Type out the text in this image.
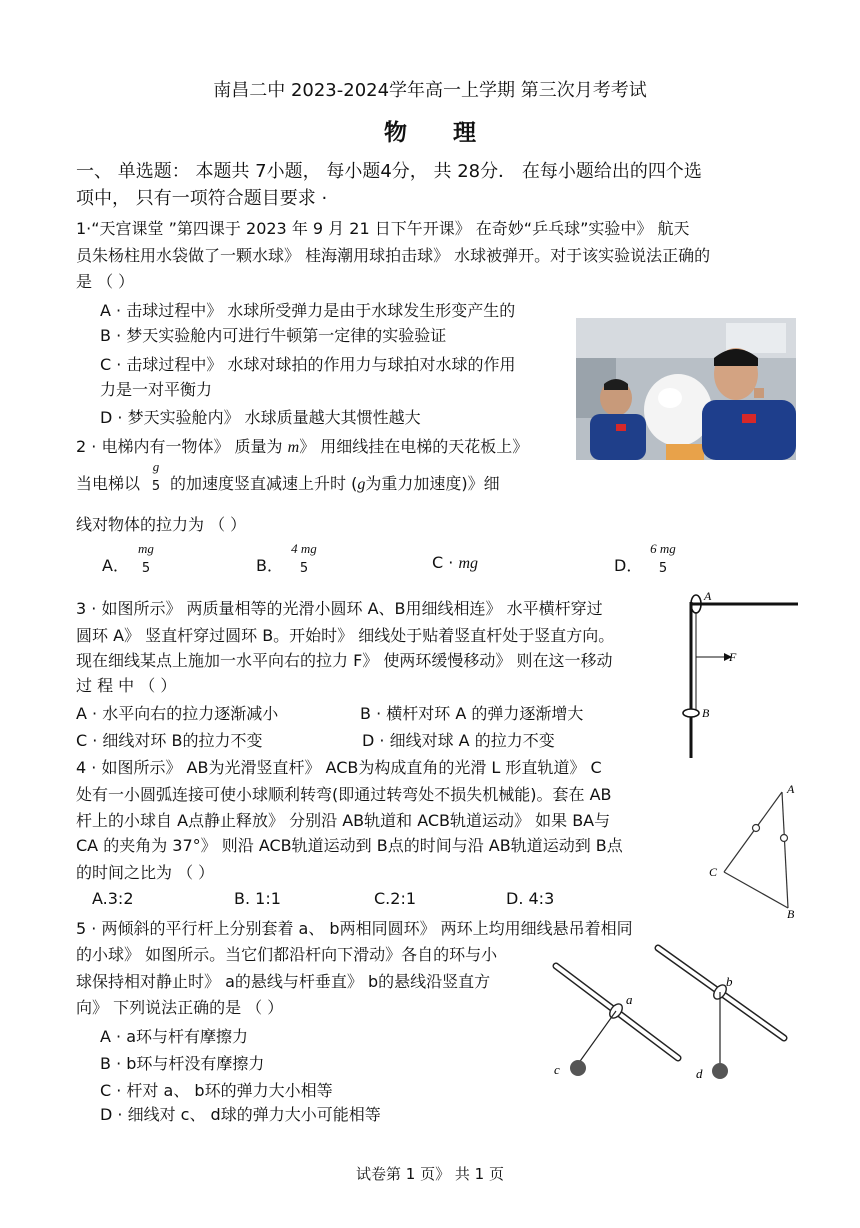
南昌二中 2023-2024学年高一上学期 第三次月考考试
物　　理
一、 单选题： 本题共 7小题， 每小题4分， 共 28分． 在每小题给出的四个选
项中， 只有一项符合题目要求 ·
1·“天宫课堂 ”第四课于 2023 年 9 月 21 日下午开课》 在奇妙“乒乓球”实验中》 航天
员朱杨柱用水袋做了一颗水球》 桂海潮用球拍击球》 水球被弹开。对于该实验说法正确的
是 （ ）
A · 击球过程中》 水球所受弹力是由于水球发生形变产生的
B · 梦天实验舱内可进行牛顿第一定律的实验验证
C · 击球过程中》 水球对球拍的作用力与球拍对水球的作用
力是一对平衡力
D · 梦天实验舱内》 水球质量越大其惯性越大
2 · 电梯内有一物体》 质量为 m》 用细线挂在电梯的天花板上》
当电梯以
g
5 的加速度竖直减速上升时 (g为重力加速度)》细
线对物体的拉力为 （ ）
A．
mg
5	B．
4 mg
5	C · mg	D．
6 mg
5
3 · 如图所示》 两质量相等的光滑小圆环 A、B用细线相连》 水平横杆穿过
圆环 A》 竖直杆穿过圆环 B。开始时》 细线处于贴着竖直杆处于竖直方向。
现在细线某点上施加一水平向右的拉力 F》 使两环缓慢移动》 则在这一移动
过 程 中 （ ）
A · 水平向右的拉力逐渐减小	B · 横杆对环 A 的弹力逐渐增大
C · 细线对环 B的拉力不变	D · 细线对球 A 的拉力不变
A
F
B
4 · 如图所示》 AB为光滑竖直杆》 ACB为构成直角的光滑 L 形直轨道》 C
处有一小圆弧连接可使小球顺利转弯(即通过转弯处不损失机械能)。套在 AB
杆上的小球自 A点静止释放》 分别沿 AB轨道和 ACB轨道运动》 如果 BA与
CA 的夹角为 37°》 则沿 ACB轨道运动到 B点的时间与沿 AB轨道运动到 B点
的时间之比为 （ ）
A.3:2	B. 1:1	C.2:1	D. 4:3
A
C
B
5 · 两倾斜的平行杆上分别套着 a、 b两相同圆环》 两环上均用细线悬吊着相同
的小球》 如图所示。当它们都沿杆向下滑动》各自的环与小
球保持相对静止时》 a的悬线与杆垂直》 b的悬线沿竖直方
向》 下列说法正确的是 （ ）
A · a环与杆有摩擦力
B · b环与杆没有摩擦力
C · 杆对 a、 b环的弹力大小相等
D · 细线对 c、 d球的弹力大小可能相等
a
b
c	d
试卷第 1 页》 共 1 页
